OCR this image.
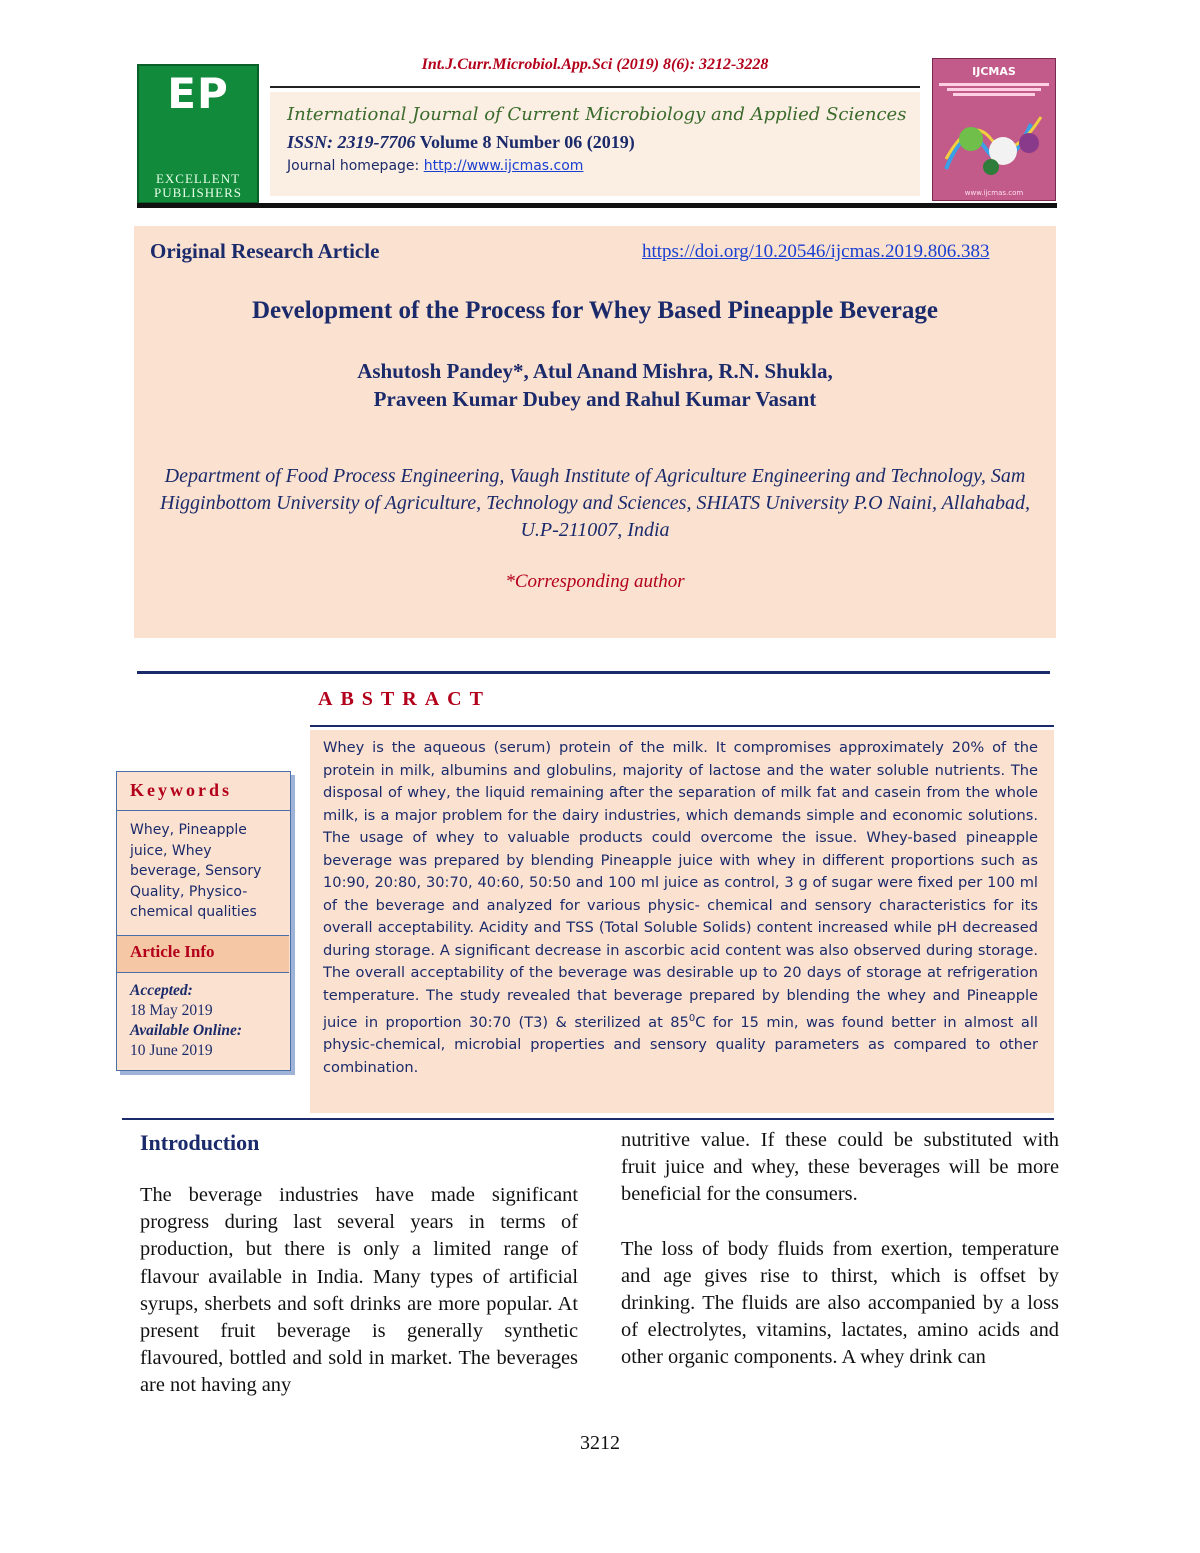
EP
EXCELLENT PUBLISHERS
Int.J.Curr.Microbiol.App.Sci (2019) 8(6): 3212-3228
International Journal of Current Microbiology and Applied Sciences
ISSN: 2319-7706 Volume 8 Number 06 (2019)
Journal homepage: http://www.ijcmas.com
IJCMAS
www.ijcmas.com
Original Research Article	https://doi.org/10.20546/ijcmas.2019.806.383
Development of the Process for Whey Based Pineapple Beverage
Ashutosh Pandey*, Atul Anand Mishra, R.N. Shukla,
Praveen Kumar Dubey and Rahul Kumar Vasant
Department of Food Process Engineering, Vaugh Institute of Agriculture Engineering and Technology, Sam Higginbottom University of Agriculture, Technology and Sciences, SHIATS University P.O Naini, Allahabad, U.P-211007, India
*Corresponding author
ABSTRACT
Whey is the aqueous (serum) protein of the milk. It compromises approximately 20% of the protein in milk, albumins and globulins, majority of lactose and the water soluble nutrients. The disposal of whey, the liquid remaining after the separation of milk fat and casein from the whole milk, is a major problem for the dairy industries, which demands simple and economic solutions. The usage of whey to valuable products could overcome the issue. Whey-based pineapple beverage was prepared by blending Pineapple juice with whey in different proportions such as 10:90, 20:80, 30:70, 40:60, 50:50 and 100 ml juice as control, 3 g of sugar were fixed per 100 ml of the beverage and analyzed for various physic- chemical and sensory characteristics for its overall acceptability. Acidity and TSS (Total Soluble Solids) content increased while pH decreased during storage. A significant decrease in ascorbic acid content was also observed during storage. The overall acceptability of the beverage was desirable up to 20 days of storage at refrigeration temperature. The study revealed that beverage prepared by blending the whey and Pineapple juice in proportion 30:70 (T3) & sterilized at $85^0C$ for 15 min, was found better in almost all physic-chemical, microbial properties and sensory quality parameters as compared to other combination.
Keywords
Whey, Pineapple juice, Whey beverage, Sensory Quality, Physico-chemical qualities
Article Info
Accepted:
18 May 2019
Available Online:
10 June 2019
Introduction
The beverage industries have made significant progress during last several years in terms of production, but there is only a limited range of flavour available in India. Many types of artificial syrups, sherbets and soft drinks are more popular. At present fruit beverage is generally synthetic flavoured, bottled and sold in market. The beverages are not having any

nutritive value. If these could be substituted with fruit juice and whey, these beverages will be more beneficial for the consumers.

The loss of body fluids from exertion, temperature and age gives rise to thirst, which is offset by drinking. The fluids are also accompanied by a loss of electrolytes, vitamins, lactates, amino acids and other organic components. A whey drink can

3212
